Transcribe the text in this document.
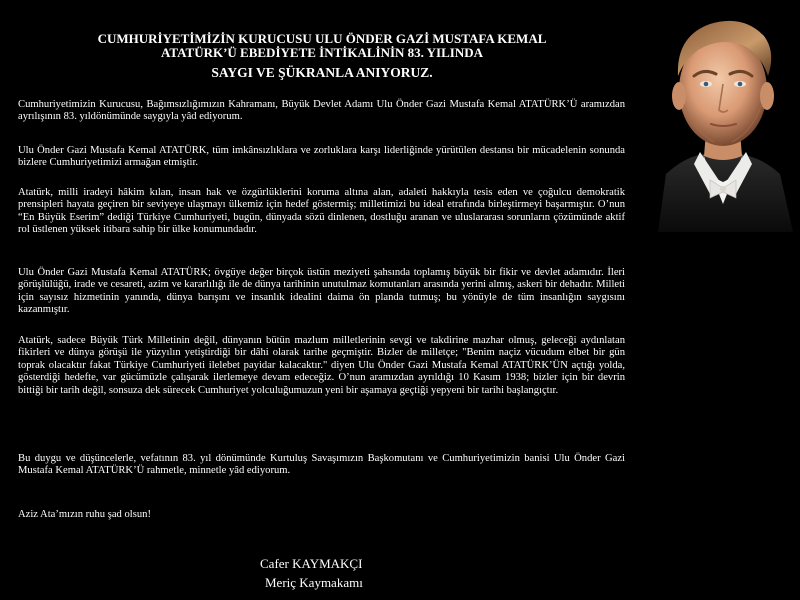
CUMHURİYETİMİZİN KURUCUSU ULU ÖNDER GAZİ MUSTAFA KEMAL
ATATÜRK’Ü EBEDİYETE İNTİKALİNİN 83. YILINDA
SAYGI VE ŞÜKRANLA ANIYORUZ.

Cumhuriyetimizin Kurucusu, Bağımsızlığımızın Kahramanı, Büyük Devlet Adamı Ulu Önder Gazi Mustafa Kemal ATATÜRK’Ü aramızdan ayrılışının 83. yıldönümünde saygıyla yâd ediyorum.

Ulu Önder Gazi Mustafa Kemal ATATÜRK, tüm imkânsızlıklara ve zorluklara karşı liderliğinde yürütülen destansı bir mücadelenin sonunda bizlere Cumhuriyetimizi armağan etmiştir.

Atatürk, milli iradeyi hâkim kılan, insan hak ve özgürlüklerini koruma altına alan, adaleti hakkıyla tesis eden ve çoğulcu demokratik prensipleri hayata geçiren bir seviyeye ulaşmayı ülkemiz için hedef göstermiş; milletimizi bu ideal etrafında birleştirmeyi başarmıştır. O’nun “En Büyük Eserim” dediği Türkiye Cumhuriyeti, bugün, dünyada sözü dinlenen, dostluğu aranan ve uluslararası sorunların çözümünde aktif rol üstlenen yüksek itibara sahip bir ülke konumundadır.

Ulu Önder Gazi Mustafa Kemal ATATÜRK; övgüye değer birçok üstün meziyeti şahsında toplamış büyük bir fikir ve devlet adamıdır. İleri görüşlülüğü, irade ve cesareti, azim ve kararlılığı ile de dünya tarihinin unutulmaz komutanları arasında yerini almış, askeri bir dehadır. Milleti için sayısız hizmetinin yanında, dünya barışını ve insanlık idealini daima ön planda tutmuş; bu yönüyle de tüm insanlığın saygısını kazanmıştır.

Atatürk, sadece Büyük Türk Milletinin değil, dünyanın bütün mazlum milletlerinin sevgi ve takdirine mazhar olmuş, geleceği aydınlatan fikirleri ve dünya görüşü ile yüzyılın yetiştirdiği bir dâhi olarak tarihe geçmiştir. Bizler de milletçe; "Benim naçiz vücudum elbet bir gün toprak olacaktır fakat Türkiye Cumhuriyeti ilelebet payidar kalacaktır." diyen Ulu Önder Gazi Mustafa Kemal ATATÜRK’ÜN açtığı yolda, gösterdiği hedefte, var gücümüzle çalışarak ilerlemeye devam edeceğiz. O’nun aramızdan ayrıldığı 10 Kasım 1938; bizler için bir devrin bittiği bir tarih değil, sonsuza dek sürecek Cumhuriyet yolculuğumuzun yeni bir aşamaya geçtiği yepyeni bir tarihi başlangıçtır.

Bu duygu ve düşüncelerle, vefatının 83. yıl dönümünde Kurtuluş Savaşımızın Başkomutanı ve Cumhuriyetimizin banisi Ulu Önder Gazi Mustafa Kemal ATATÜRK’Ü rahmetle, minnetle yâd ediyorum.

Aziz Ata’mızın ruhu şad olsun!

Cafer KAYMAKÇI
Meriç Kaymakamı
